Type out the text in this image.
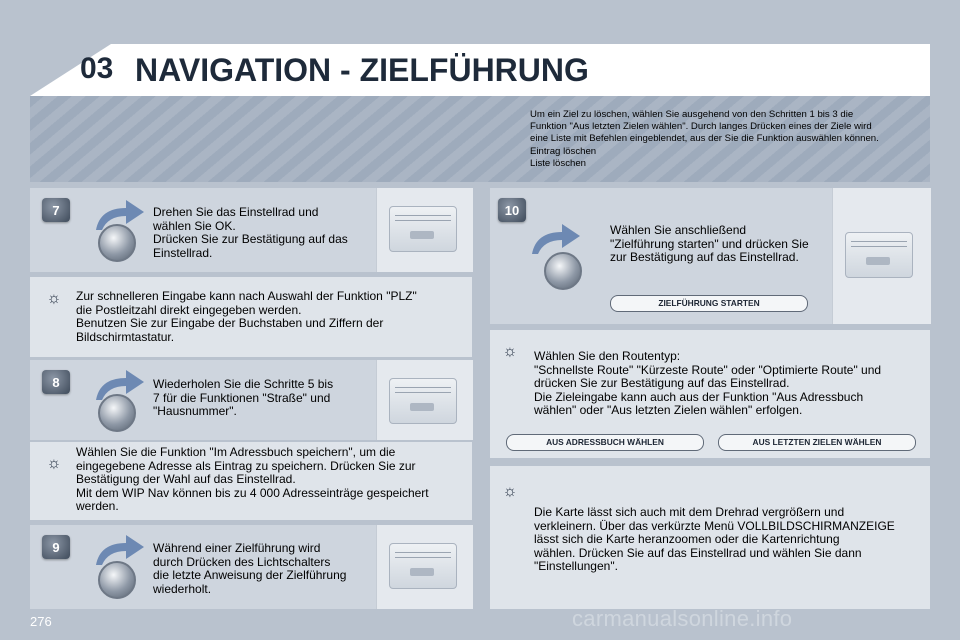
03 NAVIGATION - ZIELFÜHRUNG
Um ein Ziel zu löschen, wählen Sie ausgehend von den Schritten 1 bis 3 die
Funktion "Aus letzten Zielen wählen". Durch langes Drücken eines der Ziele wird
eine Liste mit Befehlen eingeblendet, aus der Sie die Funktion auswählen können.
Eintrag löschen
Liste löschen
7	Drehen Sie das Einstellrad und
wählen Sie OK.
Drücken Sie zur Bestätigung auf das
Einstellrad.
☼ Zur schnelleren Eingabe kann nach Auswahl der Funktion "PLZ"
die Postleitzahl direkt eingegeben werden.
Benutzen Sie zur Eingabe der Buchstaben und Ziffern der
Bildschirmtastatur.
8	Wiederholen Sie die Schritte 5 bis
7 für die Funktionen "Straße" und
"Hausnummer".
☼
Wählen Sie die Funktion "Im Adressbuch speichern", um die
eingegebene Adresse als Eintrag zu speichern. Drücken Sie zur
Bestätigung der Wahl auf das Einstellrad.
Mit dem WIP Nav können bis zu 4 000 Adresseinträge gespeichert
werden.
9	Während einer Zielführung wird
durch Drücken des Lichtschalters
die letzte Anweisung der Zielführung
wiederholt.
10
Wählen Sie anschließend
"Zielführung starten" und drücken Sie
zur Bestätigung auf das Einstellrad.
ZIELFÜHRUNG STARTEN
☼ Wählen Sie den Routentyp:
"Schnellste Route" "Kürzeste Route" oder "Optimierte Route" und
drücken Sie zur Bestätigung auf das Einstellrad.
Die Zieleingabe kann auch aus der Funktion "Aus Adressbuch
wählen" oder "Aus letzten Zielen wählen" erfolgen.
AUS ADRESSBUCH WÄHLEN	AUS LETZTEN ZIELEN WÄHLEN
☼
Die Karte lässt sich auch mit dem Drehrad vergrößern und
verkleinern. Über das verkürzte Menü VOLLBILDSCHIRMANZEIGE
lässt sich die Karte heranzoomen oder die Kartenrichtung
wählen. Drücken Sie auf das Einstellrad und wählen Sie dann
"Einstellungen".
276	carmanualsonline.info
